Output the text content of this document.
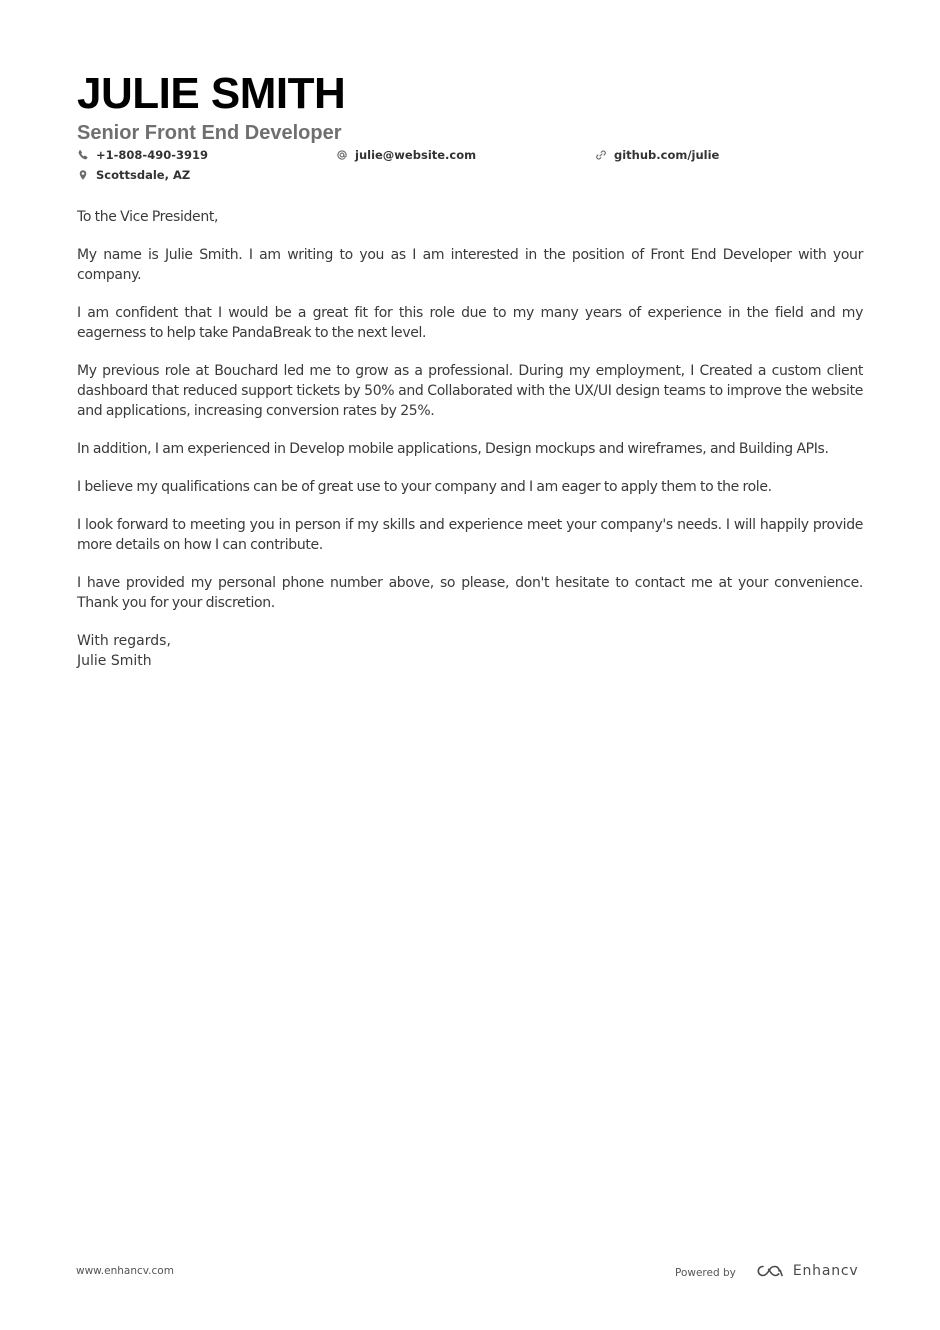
JULIE SMITH
Senior Front End Developer
+1-808-490-3919	julie@website.com	github.com/julie
Scottsdale, AZ

To the Vice President,

My name is Julie Smith. I am writing to you as I am interested in the position of Front End Developer with your company.

I am confident that I would be a great fit for this role due to my many years of experience in the field and my eagerness to help take PandaBreak to the next level.

My previous role at Bouchard led me to grow as a professional. During my employment, I Created a custom client dashboard that reduced support tickets by 50% and Collaborated with the UX/UI design teams to improve the website and applications, increasing conversion rates by 25%.

In addition, I am experienced in Develop mobile applications, Design mockups and wireframes, and Building APIs.

I believe my qualifications can be of great use to your company and I am eager to apply them to the role.

I look forward to meeting you in person if my skills and experience meet your company's needs. I will happily provide more details on how I can contribute.

I have provided my personal phone number above, so please, don't hesitate to contact me at your convenience. Thank you for your discretion.

With regards,
Julie Smith
www.enhancv.com	Powered by	Enhancv
